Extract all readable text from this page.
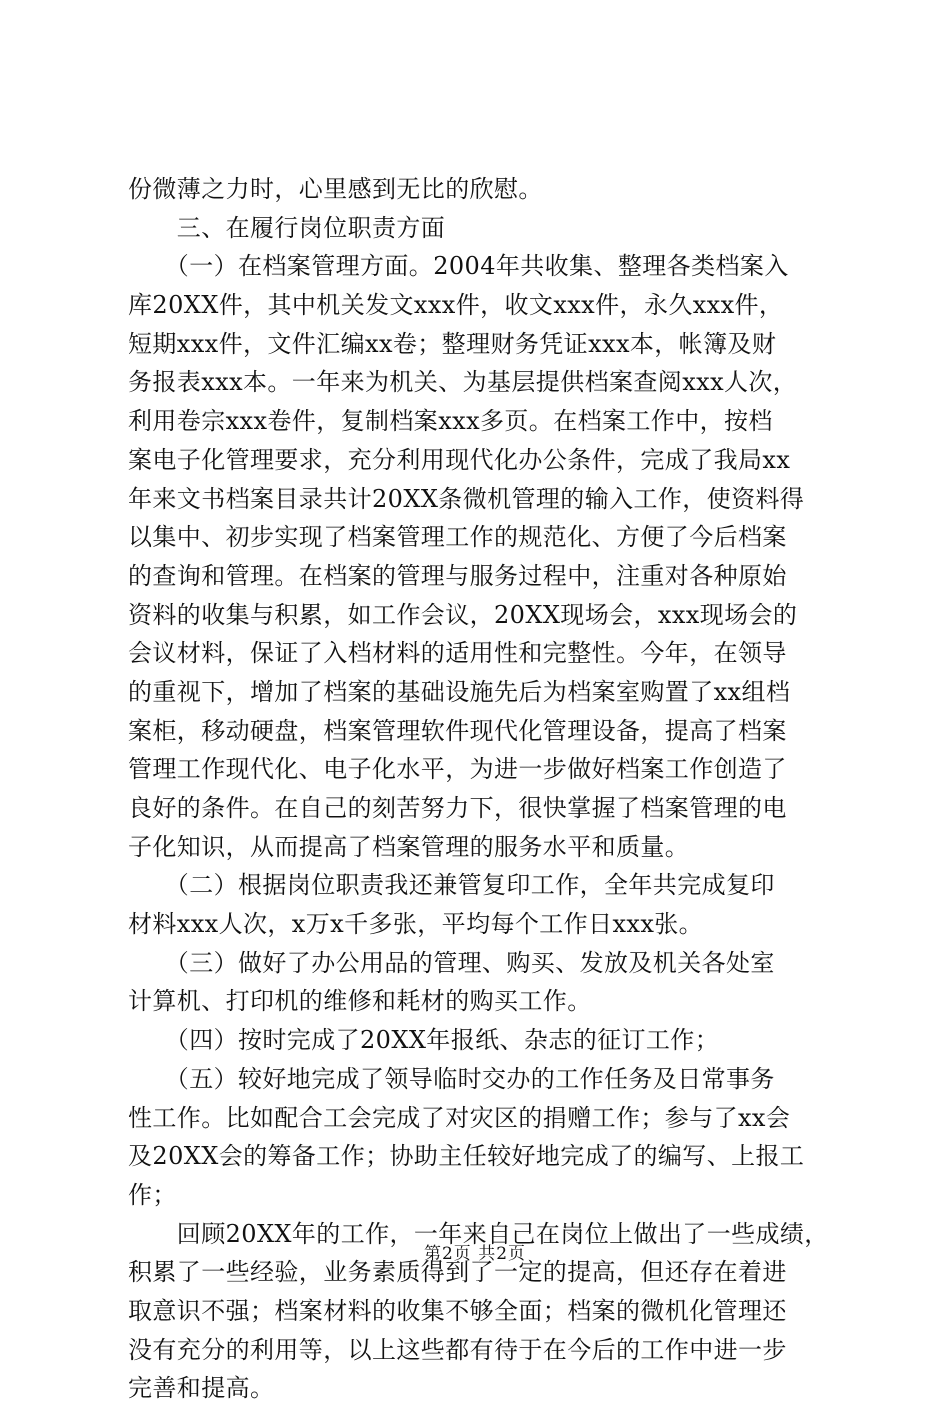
份微薄之力时，心里感到无比的欣慰。
　　三、在履行岗位职责方面
　　（一）在档案管理方面。2004年共收集、整理各类档案入
库20XX件，其中机关发文xxx件，收文xxx件，永久xxx件，
短期xxx件，文件汇编xx卷；整理财务凭证xxx本，帐簿及财
务报表xxx本。一年来为机关、为基层提供档案查阅xxx人次，
利用卷宗xxx卷件，复制档案xxx多页。在档案工作中，按档
案电子化管理要求，充分利用现代化办公条件，完成了我局xx
年来文书档案目录共计20XX条微机管理的输入工作，使资料得
以集中、初步实现了档案管理工作的规范化、方便了今后档案
的查询和管理。在档案的管理与服务过程中，注重对各种原始
资料的收集与积累，如工作会议，20XX现场会，xxx现场会的
会议材料，保证了入档材料的适用性和完整性。今年，在领导
的重视下，增加了档案的基础设施先后为档案室购置了xx组档
案柜，移动硬盘，档案管理软件现代化管理设备，提高了档案
管理工作现代化、电子化水平，为进一步做好档案工作创造了
良好的条件。在自己的刻苦努力下，很快掌握了档案管理的电
子化知识，从而提高了档案管理的服务水平和质量。
　　（二）根据岗位职责我还兼管复印工作，全年共完成复印
材料xxx人次，x万x千多张，平均每个工作日xxx张。
　　（三）做好了办公用品的管理、购买、发放及机关各处室
计算机、打印机的维修和耗材的购买工作。
　　（四）按时完成了20XX年报纸、杂志的征订工作；
　　（五）较好地完成了领导临时交办的工作任务及日常事务
性工作。比如配合工会完成了对灾区的捐赠工作；参与了xx会
及20XX会的筹备工作；协助主任较好地完成了的编写、上报工
作；
　　回顾20XX年的工作，一年来自己在岗位上做出了一些成绩，
积累了一些经验，业务素质得到了一定的提高，但还存在着进
取意识不强；档案材料的收集不够全面；档案的微机化管理还
没有充分的利用等，以上这些都有待于在今后的工作中进一步
完善和提高。
第2页 共2页
